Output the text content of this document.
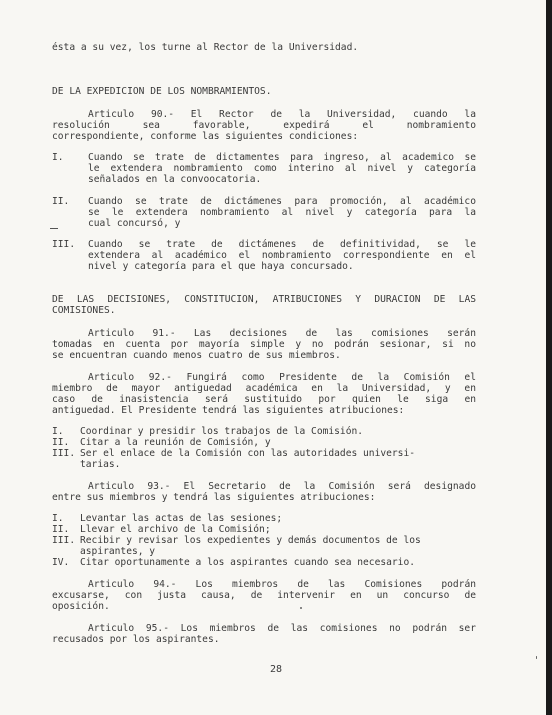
ésta a su vez, los turne al Rector de la Universidad.
DE LA EXPEDICION DE LOS NOMBRAMIENTOS.
Articulo 90.- El Rector de la Universidad, cuando la
resolución sea favorable, expedirá el nombramiento
correspondiente, conforme las siguientes condiciones:
I.	Cuando se trate de dictamentes para ingreso, al academico se
le extendera nombramiento como interino al nivel y categoría
señalados en la convoocatoria.
II. Cuando se trate de dictámenes para promoción, al académico
se le extendera nombramiento al nivel y categoría para la
cual concursó, y
III. Cuando se trate de dictámenes de definitividad, se le
extendera al académico el nombramiento correspondiente en el
nivel y categoría para el que haya concursado.
DE LAS DECISIONES, CONSTITUCION, ATRIBUCIONES Y DURACION DE LAS
COMISIONES.
Articulo 91.- Las decisiones de las comisiones serán
tomadas en cuenta por mayoría simple y no podrán sesionar, si no
se encuentran cuando menos cuatro de sus miembros.
Articulo 92.- Fungirá como Presidente de la Comisión el
miembro de mayor antiguedad académica en la Universidad, y en
caso de inasistencia será sustituido por quien le siga en
antiguedad. El Presidente tendrá las siguientes atribuciones:
I. Coordinar y presidir los trabajos de la Comisión.
II. Citar a la reunión de Comisión, y
III. Ser el enlace de la Comisión con las autoridades universi-
tarias.
Articulo 93.- El Secretario de la Comisión será designado
entre sus miembros y tendrá las siguientes atribuciones:
I. Levantar las actas de las sesiones;
II. Llevar el archivo de la Comisión;
III. Recibir y revisar los expedientes y demás documentos de los
aspirantes, y
IV. Citar oportunamente a los aspirantes cuando sea necesario.
Articulo 94.- Los miembros de las Comisiones podrán
excusarse, con justa causa, de intervenir en un concurso de
oposición.
Articulo 95.- Los miembros de las comisiones no podrán ser
recusados por los aspirantes.
28
